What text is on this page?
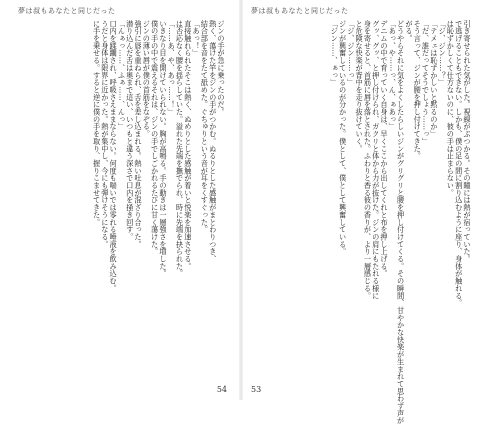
夢は叔もあなたと同じだった
ジンの手が急に乗ったのだ。
熱く、蕩けた竿をジンの手がつかむ。ぬるりとした感触がまとわりつき、
結合部を音をたて舐めた。ぐちゅりという音が耳をくすぐった。
「あっ！」
直接触れられたそこは熱く、ぬめりとした感触が着いと悦楽を加速させる。
は否応なく腰を揺らしていた。溢れた先端を撫でられ、時に先端を抉られた。
「……あ、や、あっ……！」
いきなり目を開けていられない。胸が高鳴る。手の動きは一層強さを増した。
僕の手の中で震えるそれは、ジンの手でしごかれるたびに甘く蕩けた。
ジンの薄い唇が僕の首筋をなぞる。
強引に唇を重ねられ、舌を差し込まれる。熱い吐息が混ざり合った。
潜り込んだ舌は奥まで這い、いつもと違う深さで口内を掻き回す。
「んぁっ……、ふぁ……、んっ」
口内を蹂躙され、呼吸さえままならない。何度も喘いでは零れる唾液を飲み込む。
うだと身体は限界に近かった。熱が集中し、今にも弾けそうになる。
に手を乗せる。すると逆に僕の手を取り、握りこませてきた。
54
夢は叔もあなたと同じだった
引き寄せられた気がした。視線がぶつかる。その瞳には熱が宿っていた。
で逃げることもできない。しかも、僕の足の間に割り込むように座り、身体が触れる。
は恥ずかしくて仕方ないのに、彼の手は止まらない。
「ジ、ジン……？」
「テメェは恥ずかしいと黙るのか」
「だ、誰だってそうでしょう……っ」
そう言って、ジンが腰を押し付けてきた。
がる。
どうやらそれに気をよくしたらしいジンがグリグリと腰を押し付けてくる。その瞬間、甘やかな快楽が生まれて思わず声が
「あっ、や……っ、ん、ぁあっ」
デニムの中で育っていく自身は、早くここから出してくれと布を押し上げる。
グッ、グッ、と押し付けられ、ガクリと体から力が抜けた。ジンの肩にもたれる様に
身を寄せると、首筋に唇を落とされた。ふわりと香る彼の香りが、より一層感じる。
と危険な快楽が背中を走り抜けていく。
「ジ、ジン……っ」
ジンが興奮しているのが分かった。僕として、僕として興奮している。
「ジン……、ぁっ」
53
